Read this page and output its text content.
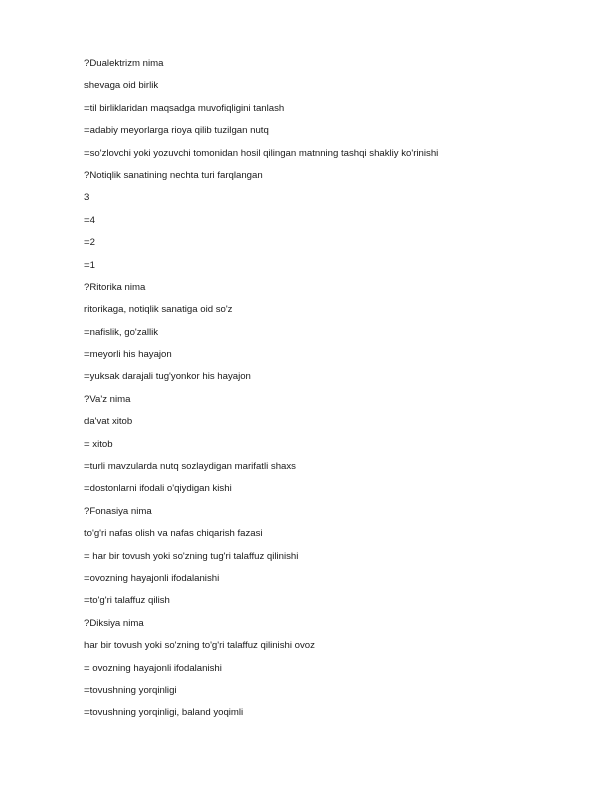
?Dualektrizm nima
shevaga oid birlik
=til birliklaridan maqsadga muvofiqligini tanlash
=adabiy meyorlarga rioya qilib tuzilgan nutq
=so'zlovchi yoki yozuvchi tomonidan hosil qilingan matnning tashqi shakliy ko'rinishi
?Notiqlik sanatining nechta turi farqlangan
3
=4
=2
=1
?Ritorika nima
ritorikaga, notiqlik sanatiga oid so'z
=nafislik, go'zallik
=meyorli his hayajon
=yuksak darajali tug'yonkor his hayajon
?Va'z nima
da'vat xitob
= xitob
=turli mavzularda nutq sozlaydigan marifatli shaxs
=dostonlarni ifodali o'qiydigan kishi
?Fonasiya nima
to'g'ri nafas olish va nafas chiqarish fazasi
= har bir tovush yoki so'zning tug'ri talaffuz qilinishi
=ovozning hayajonli ifodalanishi
=to'g'ri talaffuz qilish
?Diksiya nima
har bir tovush yoki so'zning to'g'ri talaffuz qilinishi ovoz
= ovozning hayajonli ifodalanishi
=tovushning yorqinligi
=tovushning yorqinligi, baland yoqimli
